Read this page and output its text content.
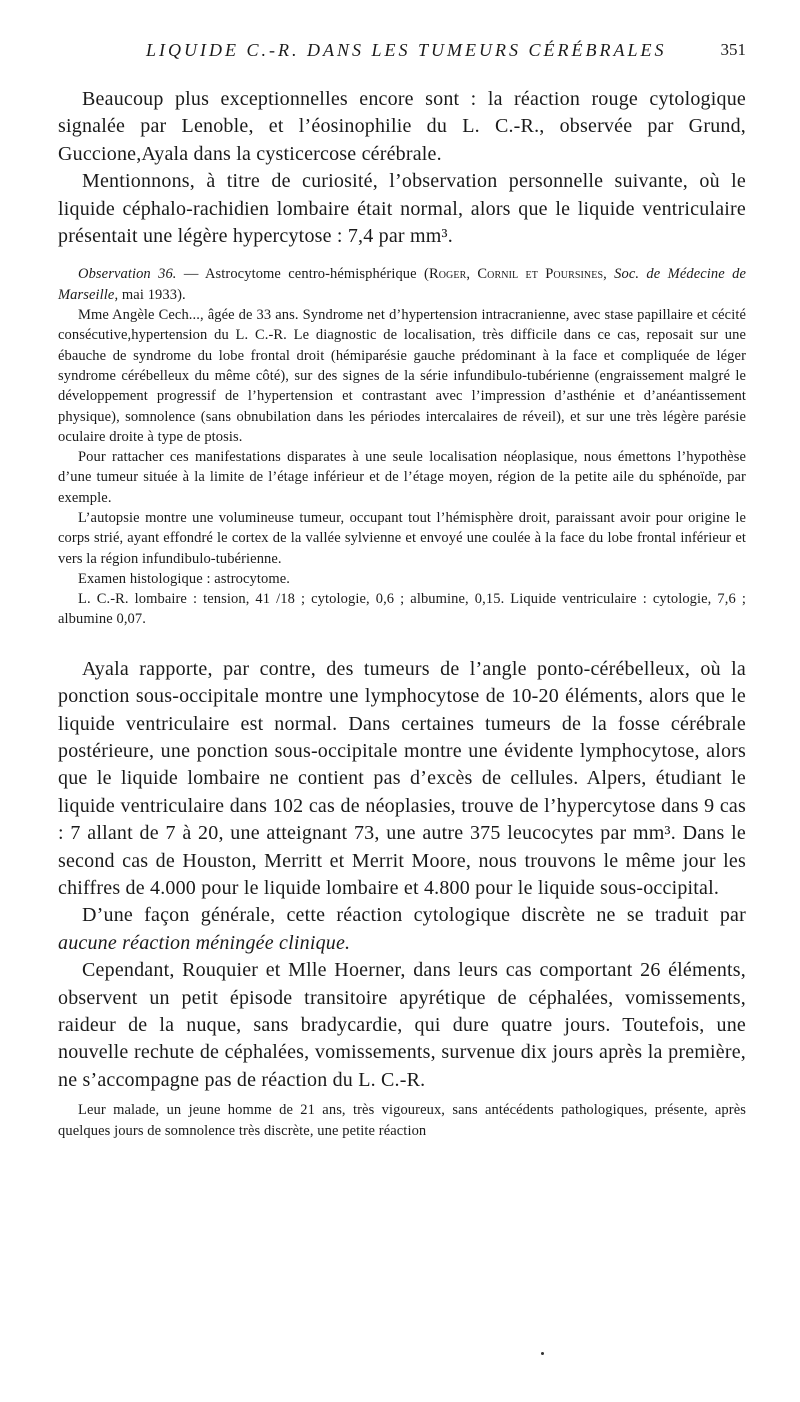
LIQUIDE C.-R. DANS LES TUMEURS CÉRÉBRALES	351

Beaucoup plus exceptionnelles encore sont : la réaction rouge cytologique signalée par Lenoble, et l’éosinophilie du L. C.-R., observée par Grund, Guccione,Ayala dans la cysticercose cérébrale.

Mentionnons, à titre de curiosité, l’observation personnelle suivante, où le liquide céphalo-rachidien lombaire était normal, alors que le liquide ventriculaire présentait une légère hypercytose : 7,4 par mm³.

Observation 36. — Astrocytome centro-hémisphérique (Roger, Cornil et Poursines, Soc. de Médecine de Marseille, mai 1933).

Mme Angèle Cech..., âgée de 33 ans. Syndrome net d’hypertension intracranienne, avec stase papillaire et cécité consécutive,hypertension du L. C.-R. Le diagnostic de localisation, très difficile dans ce cas, reposait sur une ébauche de syndrome du lobe frontal droit (hémiparésie gauche prédominant à la face et compliquée de léger syndrome cérébelleux du même côté), sur des signes de la série infundibulo-tubérienne (engraissement malgré le développement progressif de l’hypertension et contrastant avec l’impression d’asthénie et d’anéantissement physique), somnolence (sans obnubilation dans les périodes intercalaires de réveil), et sur une très légère parésie oculaire droite à type de ptosis.

Pour rattacher ces manifestations disparates à une seule localisation néoplasique, nous émettons l’hypothèse d’une tumeur située à la limite de l’étage inférieur et de l’étage moyen, région de la petite aile du sphénoïde, par exemple.

L’autopsie montre une volumineuse tumeur, occupant tout l’hémisphère droit, paraissant avoir pour origine le corps strié, ayant effondré le cortex de la vallée sylvienne et envoyé une coulée à la face du lobe frontal inférieur et vers la région infundibulo-tubérienne.

Examen histologique : astrocytome.

L. C.-R. lombaire : tension, 41 /18 ; cytologie, 0,6 ; albumine, 0,15. Liquide ventriculaire : cytologie, 7,6 ; albumine 0,07.

Ayala rapporte, par contre, des tumeurs de l’angle ponto-cérébelleux, où la ponction sous-occipitale montre une lymphocytose de 10-20 éléments, alors que le liquide ventriculaire est normal. Dans certaines tumeurs de la fosse cérébrale postérieure, une ponction sous-occipitale montre une évidente lymphocytose, alors que le liquide lombaire ne contient pas d’excès de cellules. Alpers, étudiant le liquide ventriculaire dans 102 cas de néoplasies, trouve de l’hypercytose dans 9 cas : 7 allant de 7 à 20, une atteignant 73, une autre 375 leucocytes par mm³. Dans le second cas de Houston, Merritt et Merrit Moore, nous trouvons le même jour les chiffres de 4.000 pour le liquide lombaire et 4.800 pour le liquide sous-occipital.

D’une façon générale, cette réaction cytologique discrète ne se traduit par aucune réaction méningée clinique.

Cependant, Rouquier et Mlle Hoerner, dans leurs cas comportant 26 éléments, observent un petit épisode transitoire apyrétique de céphalées, vomissements, raideur de la nuque, sans bradycardie, qui dure quatre jours. Toutefois, une nouvelle rechute de céphalées, vomissements, survenue dix jours après la première, ne s’accompagne pas de réaction du L. C.-R.

Leur malade, un jeune homme de 21 ans, très vigoureux, sans antécédents pathologiques, présente, après quelques jours de somnolence très discrète, une petite réaction
